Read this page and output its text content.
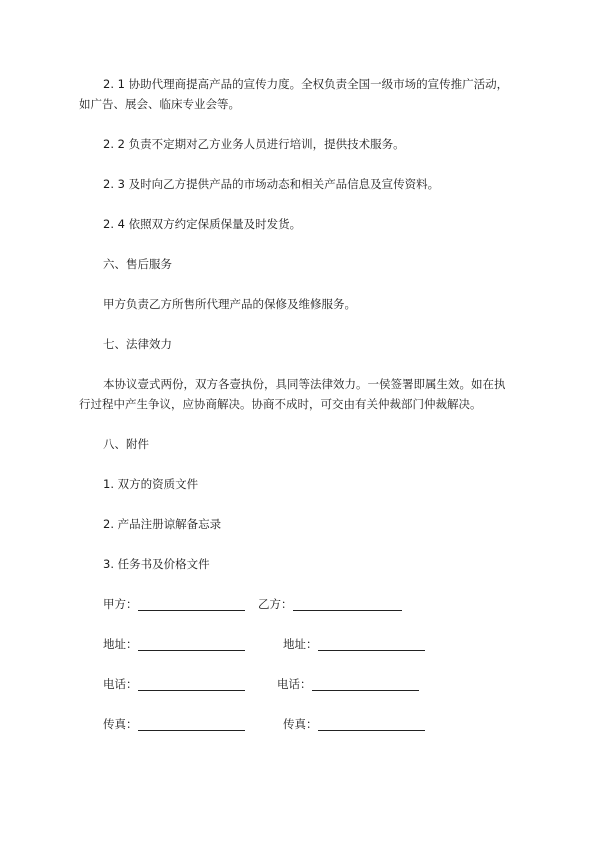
2. 1 协助代理商提高产品的宣传力度。全权负责全国一级市场的宣传推广活动，
如广告、展会、临床专业会等。
2. 2 负责不定期对乙方业务人员进行培训，提供技术服务。
2. 3 及时向乙方提供产品的市场动态和相关产品信息及宣传资料。
2. 4 依照双方约定保质保量及时发货。
六、售后服务
甲方负责乙方所售所代理产品的保修及维修服务。
七、法律效力
本协议壹式两份，双方各壹执份，具同等法律效力。一侯签署即属生效。如在执
行过程中产生争议，应协商解决。协商不成时，可交由有关仲裁部门仲裁解决。
八、附件
1. 双方的资质文件
2. 产品注册谅解备忘录
3. 任务书及价格文件
甲方：	乙方：
地址：	地址：
电话：	电话：
传真：	传真：
